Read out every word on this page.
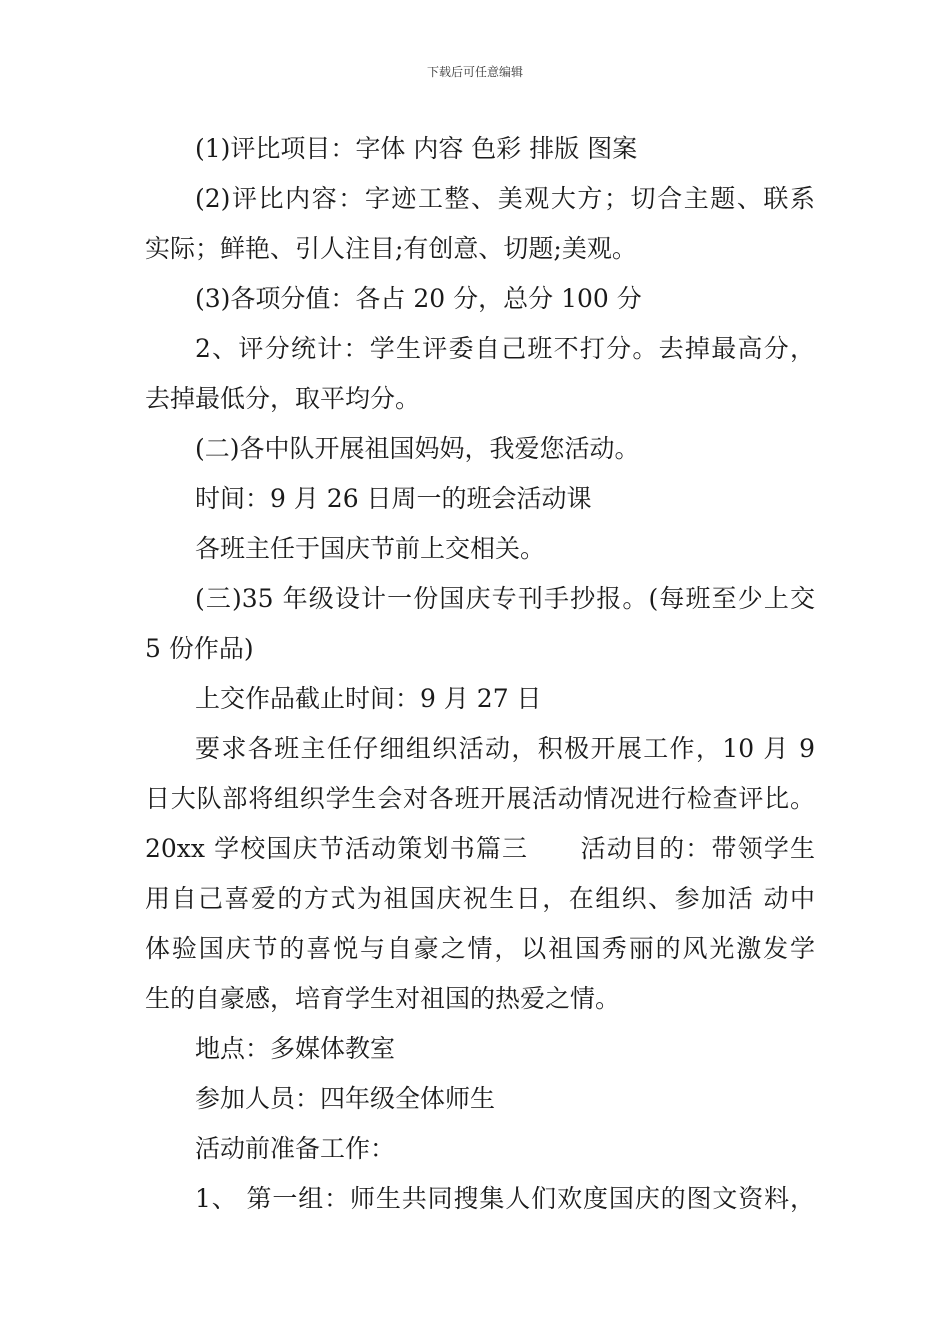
下载后可任意编辑
(1)评比项目：字体 内容 色彩 排版 图案
(2)评比内容：字迹工整、美观大方；切合主题、联系
实际；鲜艳、引人注目;有创意、切题;美观。
(3)各项分值：各占 20 分，总分 100 分
2、评分统计：学生评委自己班不打分。去掉最高分，
去掉最低分，取平均分。
(二)各中队开展祖国妈妈，我爱您活动。
时间：9 月 26 日周一的班会活动课
各班主任于国庆节前上交相关。
(三)35 年级设计一份国庆专刊手抄报。(每班至少上交
5 份作品)
上交作品截止时间：9 月 27 日
要求各班主任仔细组织活动，积极开展工作，10 月 9
日大队部将组织学生会对各班开展活动情况进行检查评比。
20xx 学校国庆节活动策划书篇三　　活动目的：带领学生
用自己喜爱的方式为祖国庆祝生日，在组织、参加活 动中
体验国庆节的喜悦与自豪之情，以祖国秀丽的风光激发学
生的自豪感，培育学生对祖国的热爱之情。
地点：多媒体教室
参加人员：四年级全体师生
活动前准备工作：
1、 第一组：师生共同搜集人们欢度国庆的图文资料，
